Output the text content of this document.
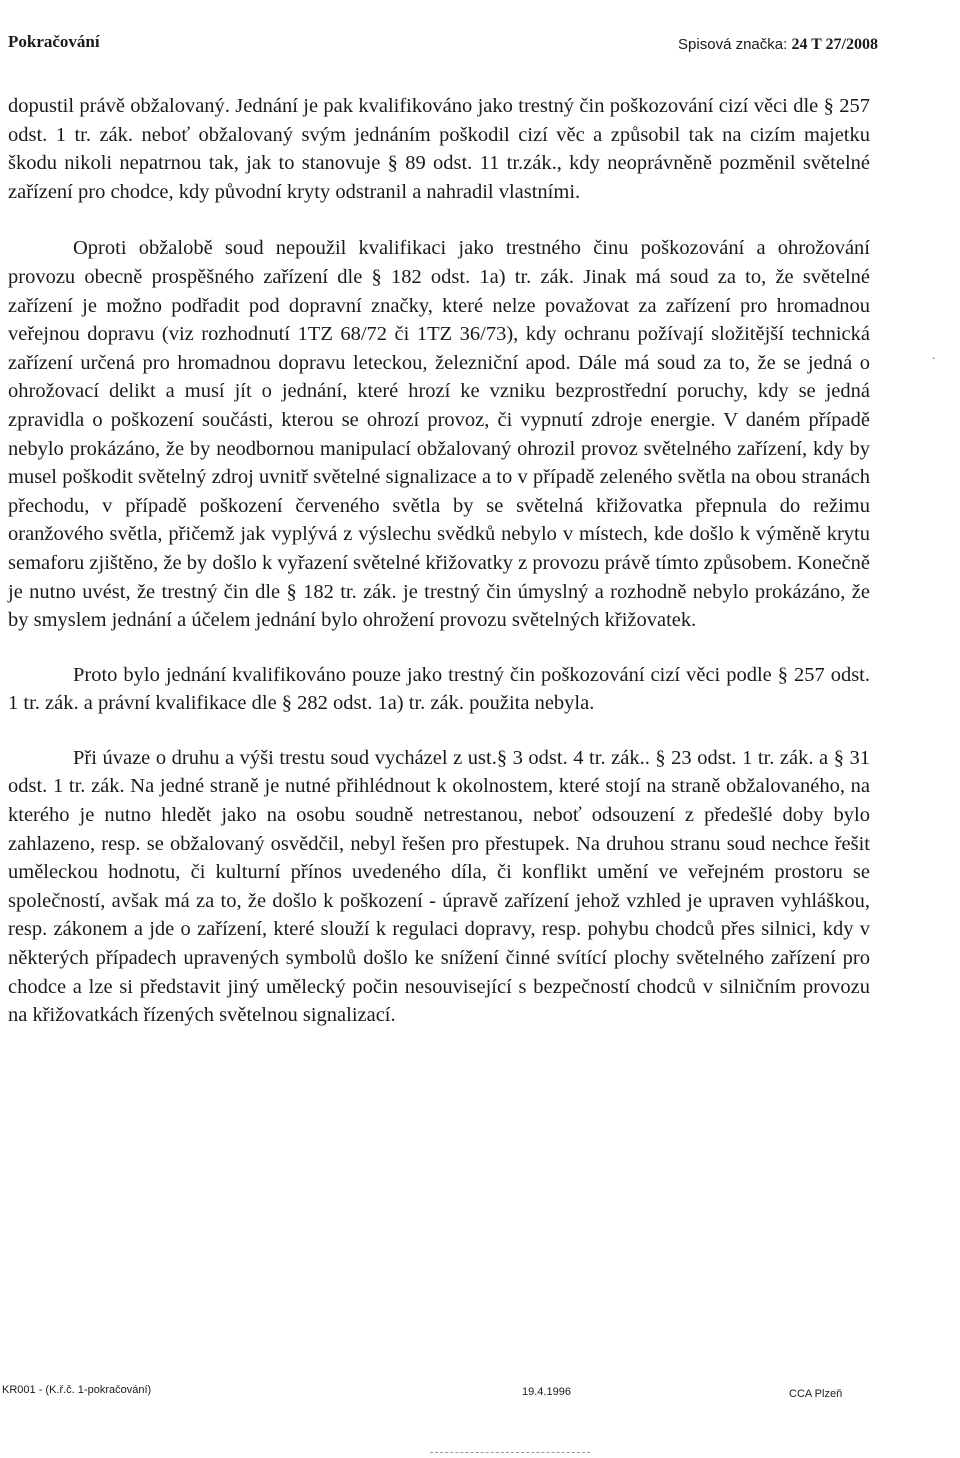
Pokračování	Spisová značka: 24 T 27/2008

dopustil právě obžalovaný. Jednání je pak kvalifikováno jako trestný čin poškozování cizí věci dle § 257 odst. 1 tr. zák. neboť obžalovaný svým jednáním poškodil cizí věc a způsobil tak na cizím majetku škodu nikoli nepatrnou tak, jak to stanovuje § 89 odst. 11 tr.zák., kdy neoprávněně pozměnil světelné zařízení pro chodce, kdy původní kryty odstranil a nahradil vlastními.

Oproti obžalobě soud nepoužil kvalifikaci jako trestného činu poškozování a ohrožování provozu obecně prospěšného zařízení dle § 182 odst. 1a) tr. zák. Jinak má soud za to, že světelné zařízení je možno podřadit pod dopravní značky, které nelze považovat za zařízení pro hromadnou veřejnou dopravu (viz rozhodnutí 1TZ 68/72 či 1TZ 36/73), kdy ochranu požívají složitější technická zařízení určená pro hromadnou dopravu leteckou, železniční apod. Dále má soud za to, že se jedná o ohrožovací delikt a musí jít o jednání, které hrozí ke vzniku bezprostřední poruchy, kdy se jedná zpravidla o poškození součásti, kterou se ohrozí provoz, či vypnutí zdroje energie. V daném případě nebylo prokázáno, že by neodbornou manipulací obžalovaný ohrozil provoz světelného zařízení, kdy by musel poškodit světelný zdroj uvnitř světelné signalizace a to v případě zeleného světla na obou stranách přechodu, v případě poškození červeného světla by se světelná křižovatka přepnula do režimu oranžového světla, přičemž jak vyplývá z výslechu svědků nebylo v místech, kde došlo k výměně krytu semaforu zjištěno, že by došlo k vyřazení světelné křižovatky z provozu právě tímto způsobem. Konečně je nutno uvést, že trestný čin dle § 182 tr. zák. je trestný čin úmyslný a rozhodně nebylo prokázáno, že by smyslem jednání a účelem jednání bylo ohrožení provozu světelných křižovatek.

Proto bylo jednání kvalifikováno pouze jako trestný čin poškozování cizí věci podle § 257 odst. 1 tr. zák. a právní kvalifikace dle § 282 odst. 1a) tr. zák. použita nebyla.

Při úvaze o druhu a výši trestu soud vycházel z ust.§ 3 odst. 4 tr. zák.. § 23 odst. 1 tr. zák. a § 31 odst. 1 tr. zák. Na jedné straně je nutné přihlédnout k okolnostem, které stojí na straně obžalovaného, na kterého je nutno hledět jako na osobu soudně netrestanou, neboť odsouzení z předešlé doby bylo zahlazeno, resp. se obžalovaný osvědčil, nebyl řešen pro přestupek. Na druhou stranu soud nechce řešit uměleckou hodnotu, či kulturní přínos uvedeného díla, či konflikt umění ve veřejném prostoru se společností, avšak má za to, že došlo k poškození - úpravě zařízení jehož vzhled je upraven vyhláškou, resp. zákonem a jde o zařízení, které slouží k regulaci dopravy, resp. pohybu chodců přes silnici, kdy v některých případech upravených symbolů došlo ke snížení činné svítící plochy světelného zařízení pro chodce a lze si představit jiný umělecký počin nesouvisející s bezpečností chodců v silničním provozu na křižovatkách řízených světelnou signalizací.

·
KR001 - (K.ř.č. 1-pokračování)	19.4.1996	CCA Plzeň
